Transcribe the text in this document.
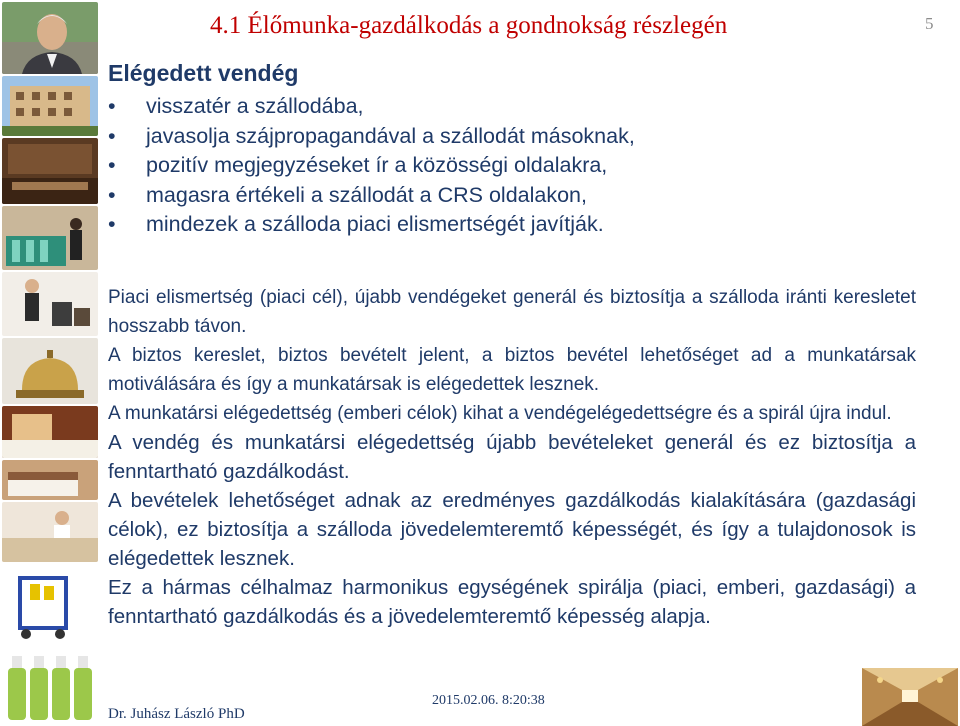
4.1 Élőmunka-gazdálkodás a gondnokság részlegén	5
Elégedett vendég
• visszatér a szállodába,
• javasolja szájpropagandával a szállodát másoknak,
• pozitív megjegyzéseket ír a közösségi oldalakra,
• magasra értékeli a szállodát a CRS oldalakon,
• mindezek a szálloda piaci elismertségét javítják.

Piaci elismertség (piaci cél), újabb vendégeket generál és biztosítja a szálloda iránti keresletet hosszabb távon.

A biztos kereslet, biztos bevételt jelent, a biztos bevétel lehetőséget ad a munkatársak motiválására és így a munkatársak is elégedettek lesznek.

A munkatársi elégedettség (emberi célok) kihat a vendégelégedettségre és a spirál újra indul.

A vendég és munkatársi elégedettség újabb bevételeket generál és ez biztosítja a fenntartható gazdálkodást.

A bevételek lehetőséget adnak az eredményes gazdálkodás kialakítására (gazdasági célok), ez biztosítja a szálloda jövedelemteremtő képességét, és így a tulajdonosok is elégedettek lesznek.

Ez a hármas célhalmaz harmonikus egységének spirálja (piaci, emberi, gazdasági) a fenntartható gazdálkodás és a jövedelemteremtő képesség alapja.

2015.02.06. 8:20:38
Dr. Juhász László PhD
